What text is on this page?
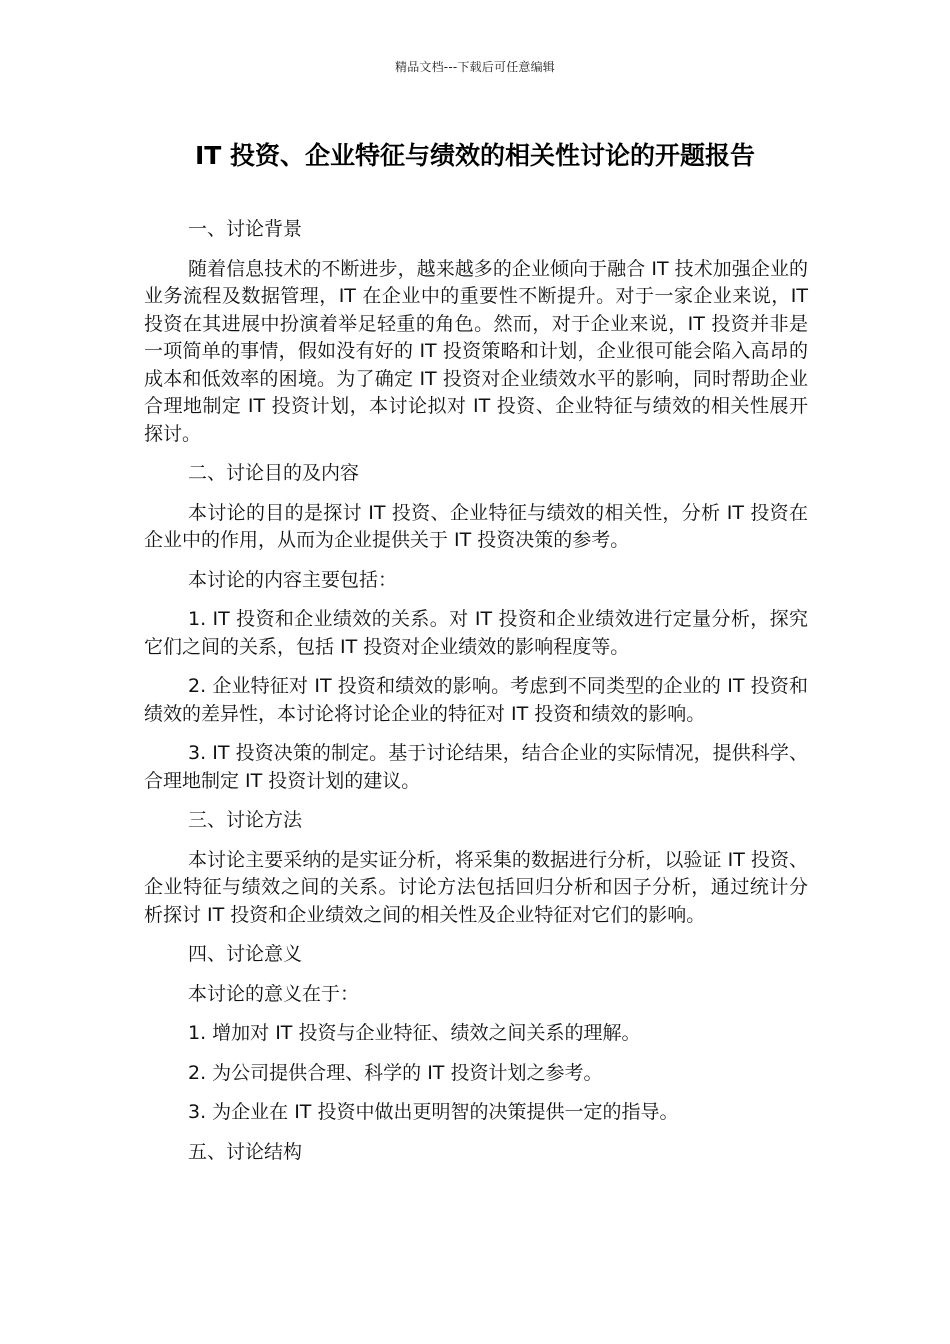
精品文档---下载后可任意编辑
IT 投资、企业特征与绩效的相关性讨论的开题报告

一、讨论背景

随着信息技术的不断进步，越来越多的企业倾向于融合 IT 技术加强企业的业务流程及数据管理，IT 在企业中的重要性不断提升。对于一家企业来说，IT 投资在其进展中扮演着举足轻重的角色。然而，对于企业来说，IT 投资并非是一项简单的事情，假如没有好的 IT 投资策略和计划，企业很可能会陷入高昂的成本和低效率的困境。为了确定 IT 投资对企业绩效水平的影响，同时帮助企业合理地制定 IT 投资计划，本讨论拟对 IT 投资、企业特征与绩效的相关性展开探讨。

二、讨论目的及内容

本讨论的目的是探讨 IT 投资、企业特征与绩效的相关性，分析 IT 投资在企业中的作用，从而为企业提供关于 IT 投资决策的参考。

本讨论的内容主要包括：

1. IT 投资和企业绩效的关系。对 IT 投资和企业绩效进行定量分析，探究它们之间的关系，包括 IT 投资对企业绩效的影响程度等。

2. 企业特征对 IT 投资和绩效的影响。考虑到不同类型的企业的 IT 投资和绩效的差异性，本讨论将讨论企业的特征对 IT 投资和绩效的影响。

3. IT 投资决策的制定。基于讨论结果，结合企业的实际情况，提供科学、合理地制定 IT 投资计划的建议。

三、讨论方法

本讨论主要采纳的是实证分析，将采集的数据进行分析，以验证 IT 投资、企业特征与绩效之间的关系。讨论方法包括回归分析和因子分析，通过统计分析探讨 IT 投资和企业绩效之间的相关性及企业特征对它们的影响。

四、讨论意义

本讨论的意义在于：

1. 增加对 IT 投资与企业特征、绩效之间关系的理解。

2. 为公司提供合理、科学的 IT 投资计划之参考。

3. 为企业在 IT 投资中做出更明智的决策提供一定的指导。

五、讨论结构
